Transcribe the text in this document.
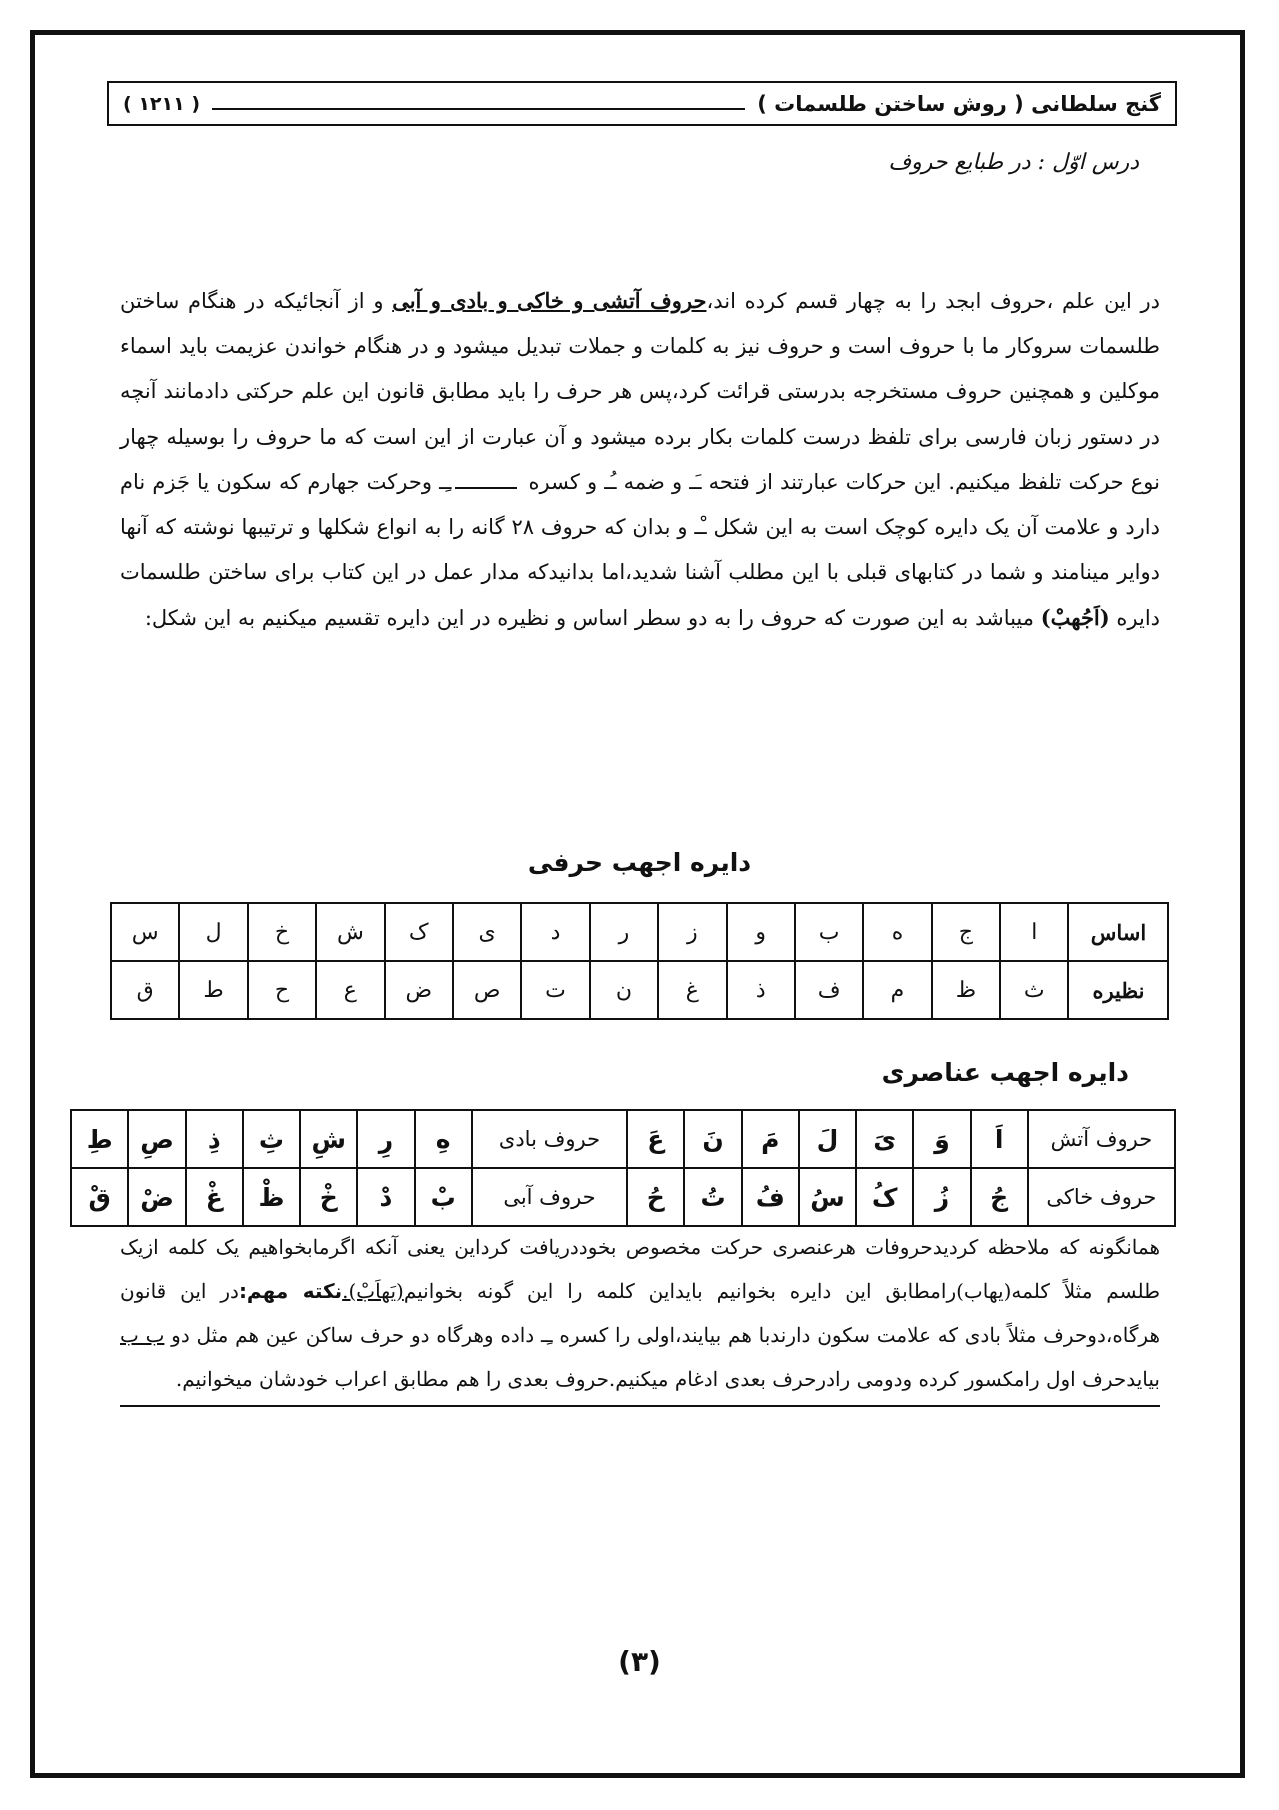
گنج سلطانی ( روش ساختن طلسمات )
( ۱۲۱۱ )
درس اوّل : در طبایع حروف
در این علم ،حروف ابجد را به چهار قسم کرده اند،حروف آتشی و خاکی و بادی و آبی و از آنجائیکه در هنگام ساختن طلسمات سروکار ما با حروف است و حروف نیز به کلمات و جملات تبدیل میشود و در هنگام خواندن عزیمت باید اسماء موکلین و همچنین حروف مستخرجه بدرستی قرائت کرد،پس هر حرف را باید مطابق قانون این علم حرکتی دادمانند آنچه در دستور زبان فارسی برای تلفظ درست کلمات بکار برده میشود و آن عبارت از این است که ما حروف را بوسیله چهار نوع حرکت تلفظ میکنیم. این حرکات عبارتند از فتحه ـَـ و ضمه ـُـ و کسره ـِـ وحرکت جهارم که سکون یا جَزم نام دارد و علامت آن یک دایره کوچک است به این شکل ـْـ و بدان که حروف ۲۸ گانه را به انواع شکلها و ترتیبها نوشته که آنها دوایر مینامند و شما در کتابهای قبلی با این مطلب آشنا شدید،اما بدانیدکه مدار عمل در این کتاب برای ساختن طلسمات دایره (اَجُهبْ) میباشد به این صورت که حروف را به دو سطر اساس و نظیره در این دایره تقسیم میکنیم به این شکل:
دایره اجهب حرفی
اساس	ا	ج	ه	ب	و	ز	ر	د	ی	ک	ش	خ	ل	س
نظیره	ث	ظ	م	ف	ذ	غ	ن	ت	ص	ض	ع	ح	ط	ق
دایره اجهب عناصری
حروف آتش	اَ	وَ	یَ	لَ	مَ	نَ	عَ	حروف بادی	هِ	رِ	شِ	ثِ	ذِ	صِ	طِ
حروف خاکی	جُ	زُ	کُ	سُ	فُ	تُ	حُ	حروف آبی	بْ	دْ	خْ	ظْ	غْ	ضْ	قْ
همانگونه که ملاحظه کردیدحروفات هرعنصری حرکت مخصوص بخوددریافت کرداین یعنی آنکه اگرمابخواهیم یک کلمه ازیک طلسم مثلاً کلمه(یهاب)رامطابق این دایره بخوانیم بایداین کلمه را این گونه بخوانیم(یَهاَبْ).نکته مهم:در این قانون هرگاه،دوحرف مثلاً بادی که علامت سکون دارندبا هم بیایند،اولی را کسره ـِـ داده وهرگاه دو حرف ساکن عین هم مثل دو ب ب بیایدحرف اول رامکسور کرده ودومی رادرحرف بعدی ادغام میکنیم.حروف بعدی را هم مطابق اعراب خودشان میخوانیم.
(۳)
